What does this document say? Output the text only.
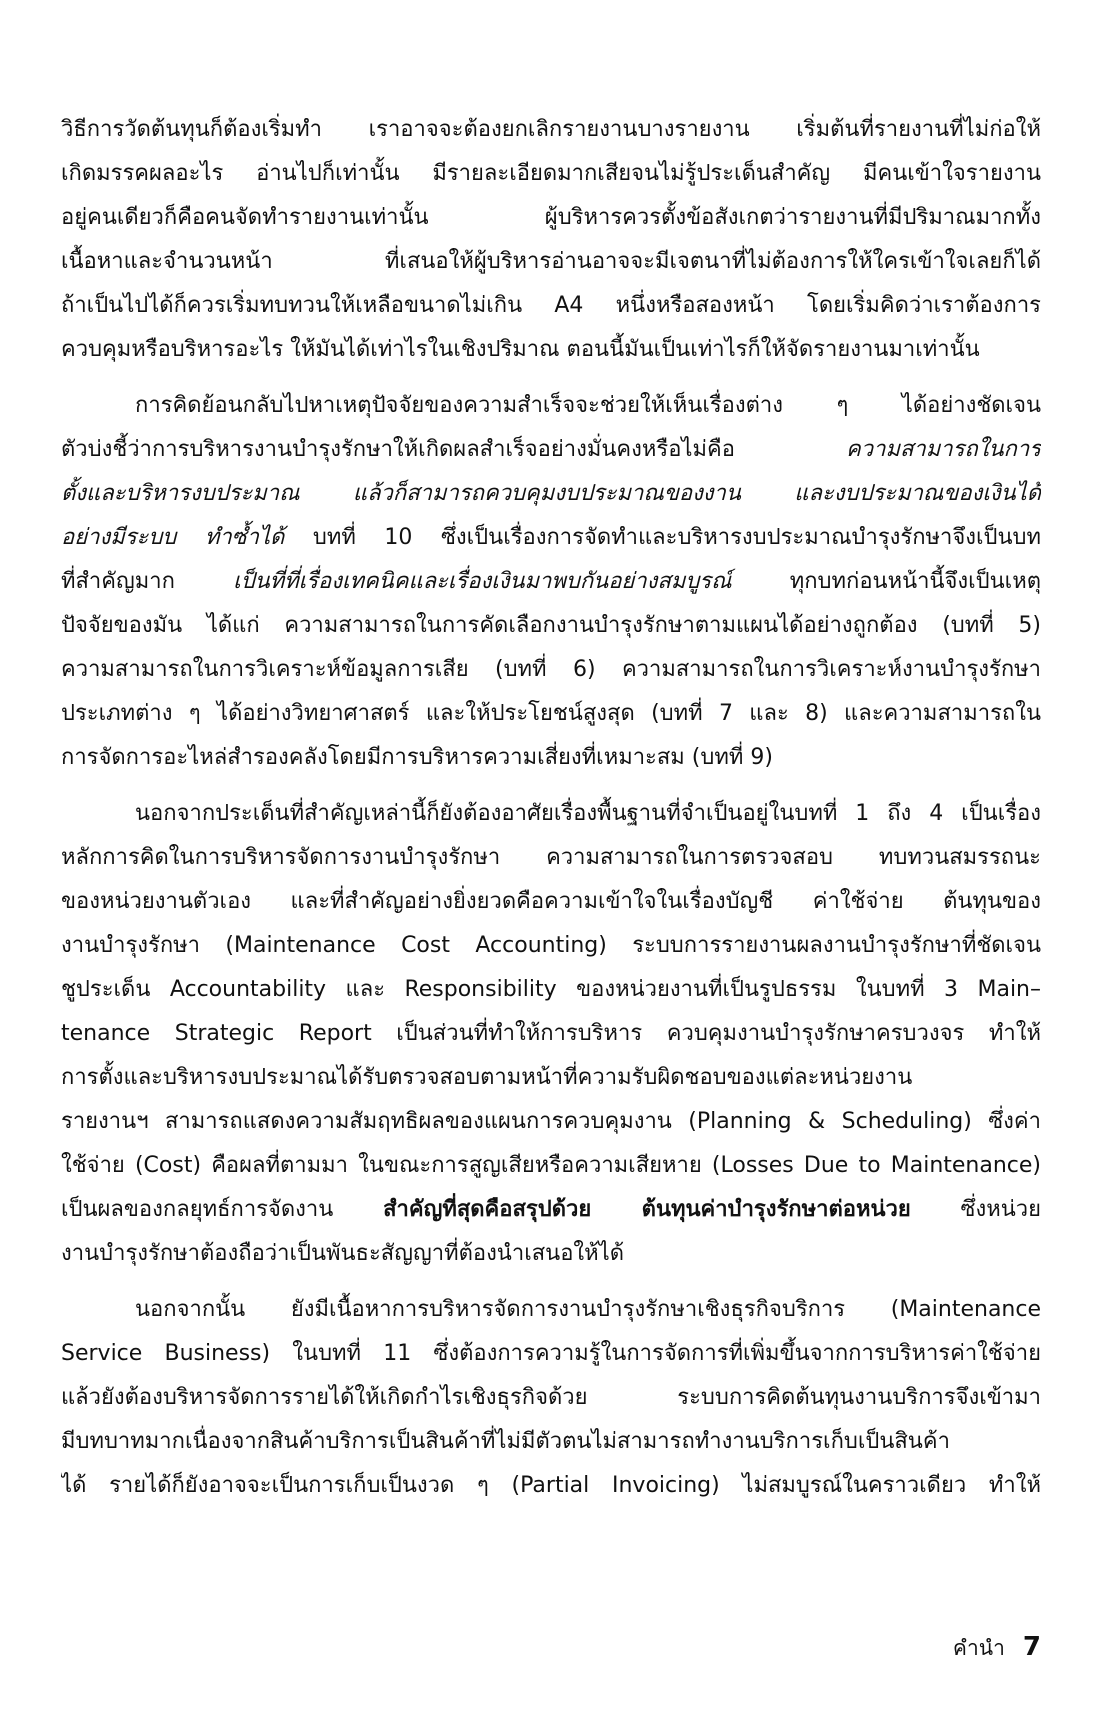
วิธีการวัดต้นทุนก็ต้องเริ่มทำ เราอาจจะต้องยกเลิกรายงานบางรายงาน เริ่มต้นที่รายงานที่ไม่ก่อให้
เกิดมรรคผลอะไร อ่านไปก็เท่านั้น มีรายละเอียดมากเสียจนไม่รู้ประเด็นสำคัญ มีคนเข้าใจรายงาน
อยู่คนเดียวก็คือคนจัดทำรายงานเท่านั้น ผู้บริหารควรตั้งข้อสังเกตว่ารายงานที่มีปริมาณมากทั้ง
เนื้อหาและจำนวนหน้า ที่เสนอให้ผู้บริหารอ่านอาจจะมีเจตนาที่ไม่ต้องการให้ใครเข้าใจเลยก็ได้
ถ้าเป็นไปได้ก็ควรเริ่มทบทวนให้เหลือขนาดไม่เกิน A4 หนึ่งหรือสองหน้า โดยเริ่มคิดว่าเราต้องการ
ควบคุมหรือบริหารอะไร ให้มันได้เท่าไรในเชิงปริมาณ ตอนนี้มันเป็นเท่าไรก็ให้จัดรายงานมาเท่านั้น
การคิดย้อนกลับไปหาเหตุปัจจัยของความสำเร็จจะช่วยให้เห็นเรื่องต่าง ๆ ได้อย่างชัดเจน
ตัวบ่งชี้ว่าการบริหารงานบำรุงรักษาให้เกิดผลสำเร็จอย่างมั่นคงหรือไม่คือ ความสามารถในการ
ตั้งและบริหารงบประมาณ แล้วก็สามารถควบคุมงบประมาณของงาน และงบประมาณของเงินได้
อย่างมีระบบ ทำซ้ำได้ บทที่ 10 ซึ่งเป็นเรื่องการจัดทำและบริหารงบประมาณบำรุงรักษาจึงเป็นบท
ที่สำคัญมาก เป็นที่ที่เรื่องเทคนิคและเรื่องเงินมาพบกันอย่างสมบูรณ์ ทุกบทก่อนหน้านี้จึงเป็นเหตุ
ปัจจัยของมัน ได้แก่ ความสามารถในการคัดเลือกงานบำรุงรักษาตามแผนได้อย่างถูกต้อง (บทที่ 5)
ความสามารถในการวิเคราะห์ข้อมูลการเสีย (บทที่ 6) ความสามารถในการวิเคราะห์งานบำรุงรักษา
ประเภทต่าง ๆ ได้อย่างวิทยาศาสตร์ และให้ประโยชน์สูงสุด (บทที่ 7 และ 8) และความสามารถใน
การจัดการอะไหล่สำรองคลังโดยมีการบริหารความเสี่ยงที่เหมาะสม (บทที่ 9)
นอกจากประเด็นที่สำคัญเหล่านี้ก็ยังต้องอาศัยเรื่องพื้นฐานที่จำเป็นอยู่ในบทที่ 1 ถึง 4 เป็นเรื่อง
หลักการคิดในการบริหารจัดการงานบำรุงรักษา ความสามารถในการตรวจสอบ ทบทวนสมรรถนะ
ของหน่วยงานตัวเอง และที่สำคัญอย่างยิ่งยวดคือความเข้าใจในเรื่องบัญชี ค่าใช้จ่าย ต้นทุนของ
งานบำรุงรักษา (Maintenance Cost Accounting) ระบบการรายงานผลงานบำรุงรักษาที่ชัดเจน
ชูประเด็น Accountability และ Responsibility ของหน่วยงานที่เป็นรูปธรรม ในบทที่ 3 Main–
tenance Strategic Report เป็นส่วนที่ทำให้การบริหาร ควบคุมงานบำรุงรักษาครบวงจร ทำให้
การตั้งและบริหารงบประมาณได้รับตรวจสอบตามหน้าที่ความรับผิดชอบของแต่ละหน่วยงาน
รายงานฯ สามารถแสดงความสัมฤทธิผลของแผนการควบคุมงาน (Planning & Scheduling) ซึ่งค่า
ใช้จ่าย (Cost) คือผลที่ตามมา ในขณะการสูญเสียหรือความเสียหาย (Losses Due to Maintenance)
เป็นผลของกลยุทธ์การจัดงาน สำคัญที่สุดคือสรุปด้วย ต้นทุนค่าบำรุงรักษาต่อหน่วย ซึ่งหน่วย
งานบำรุงรักษาต้องถือว่าเป็นพันธะสัญญาที่ต้องนำเสนอให้ได้
นอกจากนั้น ยังมีเนื้อหาการบริหารจัดการงานบำรุงรักษาเชิงธุรกิจบริการ (Maintenance
Service Business) ในบทที่ 11 ซึ่งต้องการความรู้ในการจัดการที่เพิ่มขึ้นจากการบริหารค่าใช้จ่าย
แล้วยังต้องบริหารจัดการรายได้ให้เกิดกำไรเชิงธุรกิจด้วย ระบบการคิดต้นทุนงานบริการจึงเข้ามา
มีบทบาทมากเนื่องจากสินค้าบริการเป็นสินค้าที่ไม่มีตัวตนไม่สามารถทำงานบริการเก็บเป็นสินค้า
ได้ รายได้ก็ยังอาจจะเป็นการเก็บเป็นงวด ๆ (Partial Invoicing) ไม่สมบูรณ์ในคราวเดียว ทำให้
คำนำ 7
